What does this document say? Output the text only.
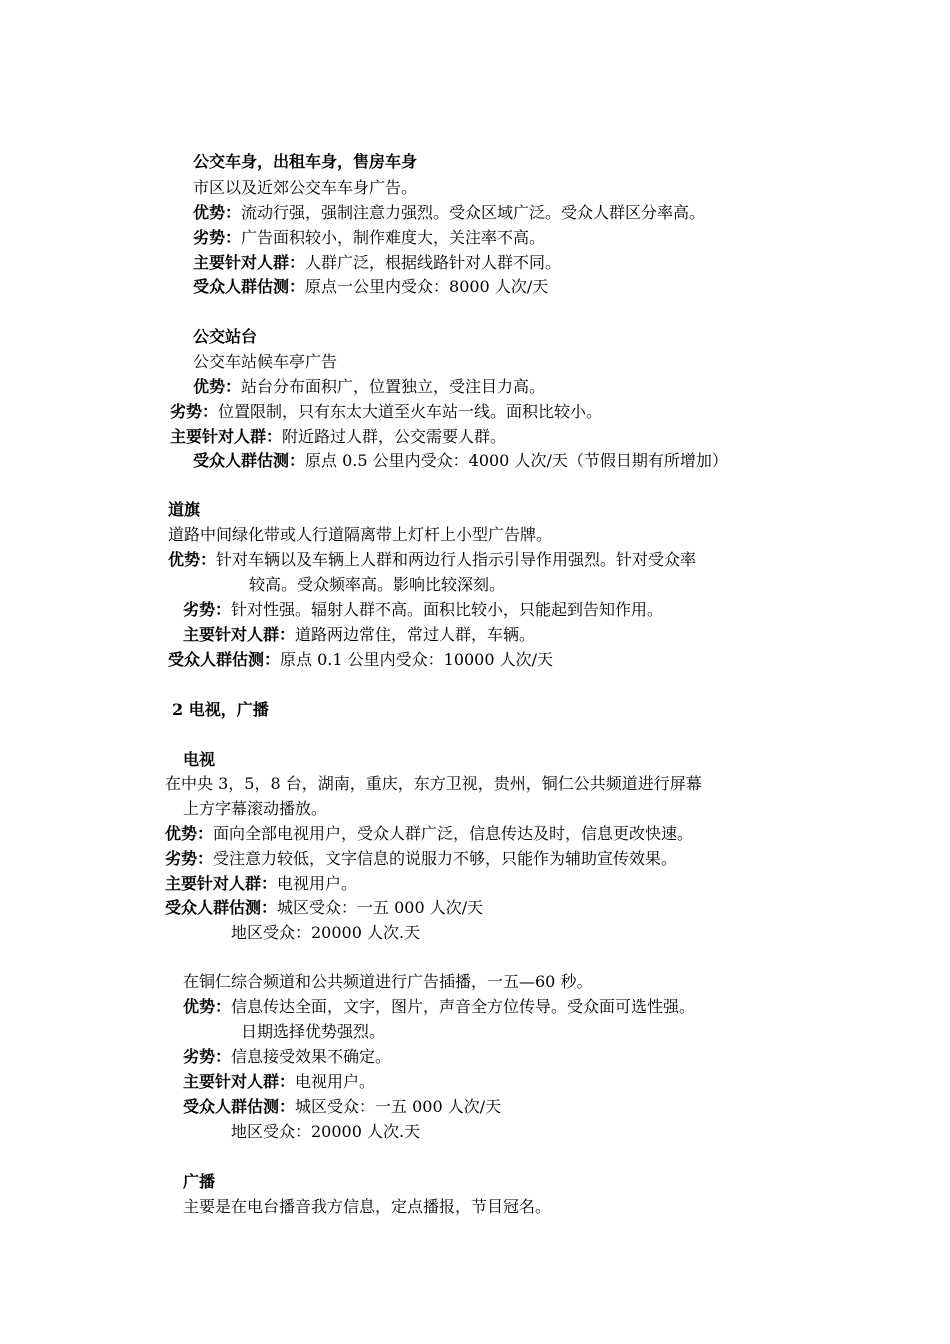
公交车身，出租车身，售房车身
市区以及近郊公交车车身广告。
优势：流动行强，强制注意力强烈。受众区域广泛。受众人群区分率高。
劣势：广告面积较小，制作难度大，关注率不高。
主要针对人群：人群广泛，根据线路针对人群不同。
受众人群估测：原点一公里内受众：8000 人次/天
公交站台
公交车站候车亭广告
优势：站台分布面积广，位置独立，受注目力高。
劣势：位置限制，只有东太大道至火车站一线。面积比较小。
主要针对人群：附近路过人群，公交需要人群。
受众人群估测：原点 0.5 公里内受众：4000 人次/天（节假日期有所增加）
道旗
道路中间绿化带或人行道隔离带上灯杆上小型广告牌。
优势：针对车辆以及车辆上人群和两边行人指示引导作用强烈。针对受众率
较高。受众频率高。影响比较深刻。
劣势：针对性强。辐射人群不高。面积比较小，只能起到告知作用。
主要针对人群：道路两边常住，常过人群，车辆。
受众人群估测：原点 0.1 公里内受众：10000 人次/天
2 电视，广播
电视
在中央 3，5，8 台，湖南，重庆，东方卫视，贵州，铜仁公共频道进行屏幕
上方字幕滚动播放。
优势：面向全部电视用户，受众人群广泛，信息传达及时，信息更改快速。
劣势：受注意力较低，文字信息的说服力不够，只能作为辅助宣传效果。
主要针对人群：电视用户。
受众人群估测：城区受众：一五 000 人次/天
地区受众：20000 人次.天
在铜仁综合频道和公共频道进行广告插播，一五—60 秒。
优势：信息传达全面，文字，图片，声音全方位传导。受众面可选性强。
日期选择优势强烈。
劣势：信息接受效果不确定。
主要针对人群：电视用户。
受众人群估测：城区受众：一五 000 人次/天
地区受众：20000 人次.天
广播
主要是在电台播音我方信息，定点播报，节目冠名。
